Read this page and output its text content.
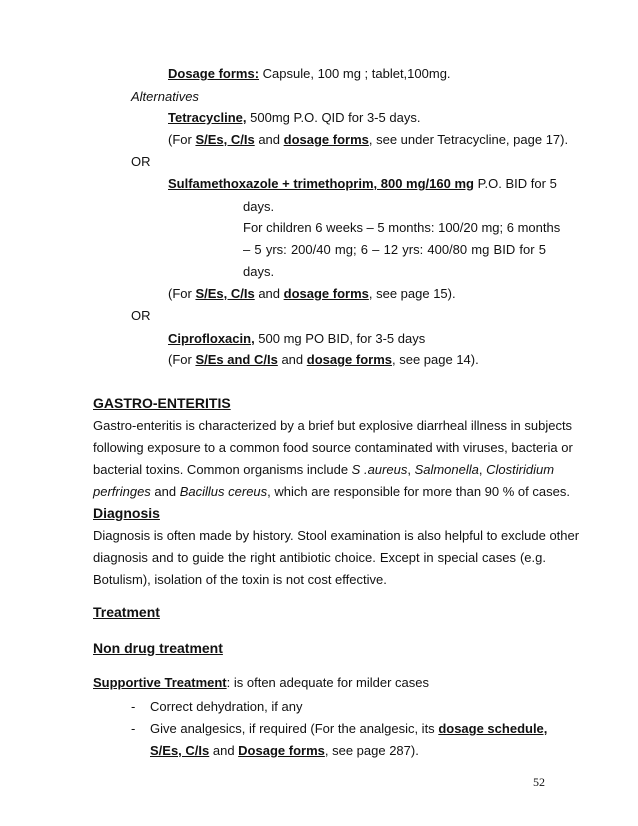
Dosage forms: Capsule, 100 mg ; tablet,100mg.
Alternatives
Tetracycline, 500mg P.O. QID for 3-5 days.
(For S/Es, C/Is and dosage forms, see under Tetracycline, page 17).
OR
Sulfamethoxazole + trimethoprim, 800 mg/160 mg P.O. BID for 5
days.
For children 6 weeks – 5 months: 100/20 mg; 6 months
– 5 yrs: 200/40 mg; 6 – 12 yrs: 400/80 mg BID for 5
days.
(For S/Es, C/Is and dosage forms, see page 15).
OR
Ciprofloxacin, 500 mg PO BID, for 3-5 days
(For S/Es and C/Is and dosage forms, see page 14).
GASTRO-ENTERITIS
Gastro-enteritis is characterized by a brief but explosive diarrheal illness in subjects
following exposure to a common food source contaminated with viruses, bacteria or
bacterial toxins. Common organisms include S .aureus, Salmonella, Clostiridium
perfringes and Bacillus cereus, which are responsible for more than 90 % of cases.
Diagnosis
Diagnosis is often made by history. Stool examination is also helpful to exclude other
diagnosis and to guide the right antibiotic choice. Except in special cases (e.g.
Botulism), isolation of the toxin is not cost effective.
Treatment
Non drug treatment
Supportive Treatment: is often adequate for milder cases
- Correct dehydration, if any
- Give analgesics, if required (For the analgesic, its dosage schedule,
S/Es, C/Is and Dosage forms, see page 287).
52
